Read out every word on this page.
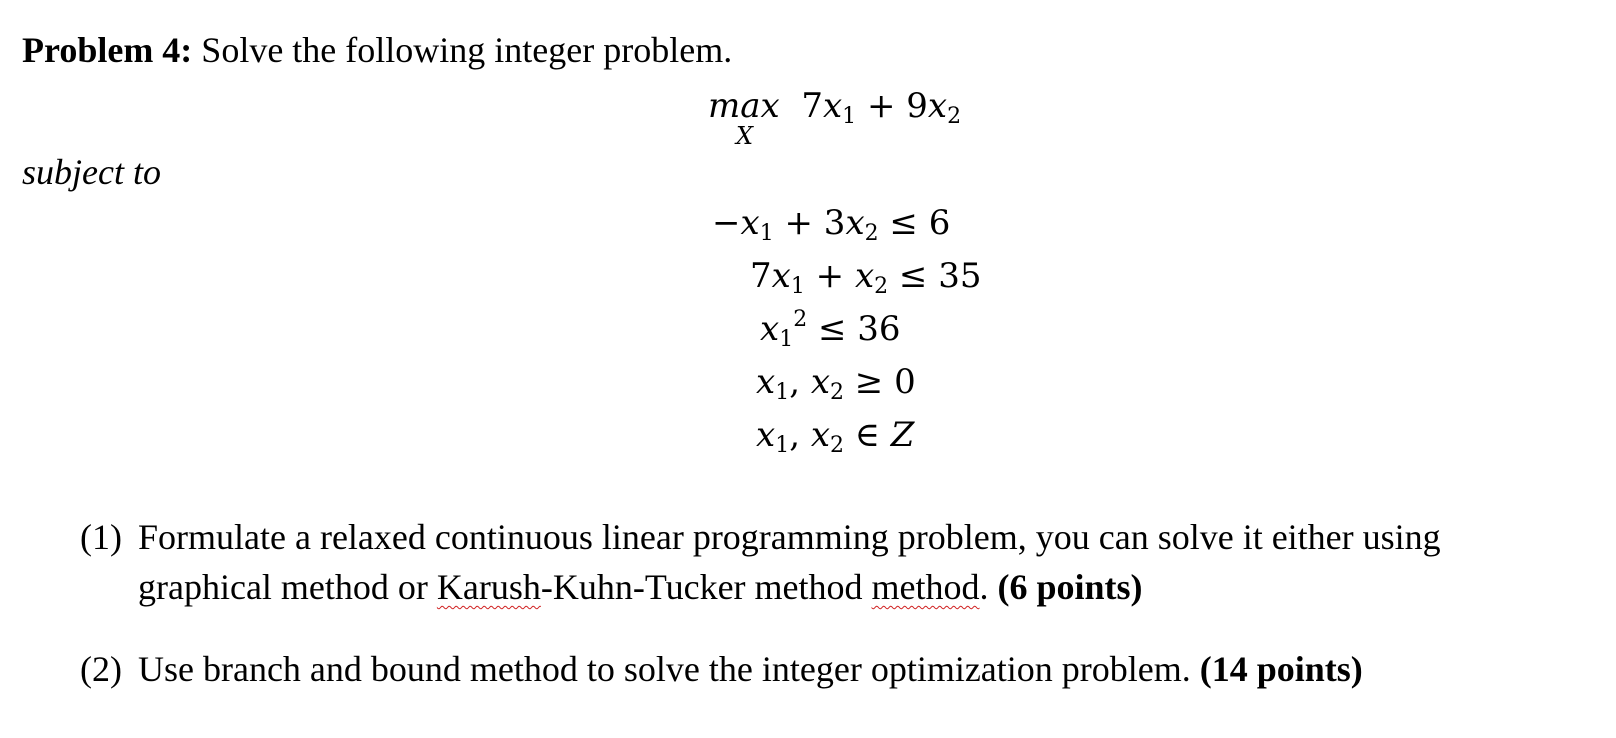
Problem 4: Solve the following integer problem.
max
X
$7x_1 + 9x_2$
subject to
$-x_1 + 3x_2 \le 6$
$7x_1 + x_2 \le 35$
$x_1^2 \le 36$
$x_1$, $x_2 \ge 0$
$x_1$, $x_2$ ∈ Z
(1) Formulate a relaxed continuous linear programming problem, you can solve it either using
graphical method or Karush-Kuhn-Tucker method method. (6 points)
(2) Use branch and bound method to solve the integer optimization problem. (14 points)
